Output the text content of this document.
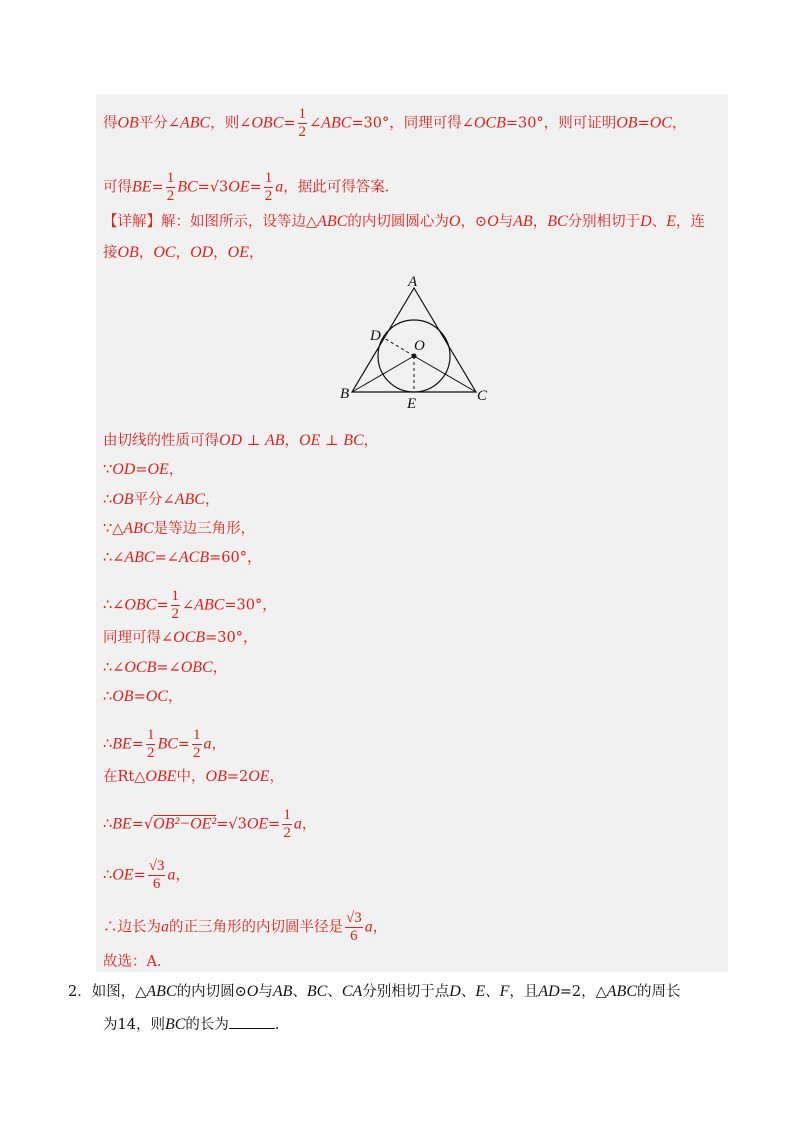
得OB平分∠ABC，则∠OBC= $\frac{1}{2}$ ∠ABC=30°，同理可得∠OCB=30°，则可证明OB=OC，
可得$BE= \frac{1}{2} BC=√3OE= \frac{1}{2}$ a，据此可得答案．
【详解】解：如图所示，设等边△ABC的内切圆圆心为O，⊙O与AB，BC分别相切于D、E，连
接OB，OC，OD，OE，
A
B	C
D
E
O
由切线的性质可得OD ⊥ AB，OE ⊥ BC，
∵OD=OE，
∴OB平分∠ABC，
∵△ABC是等边三角形，
∴∠ABC=∠ACB=60°，
∴∠OBC= $\frac{1}{2}$ ∠ABC=30°，
同理可得∠OCB=30°，
∴∠OCB=∠OBC，
∴OB=OC，
∴BE= $\frac{1}{2} BC= \frac{1}{2}$ a，
在Rt△OBE中，OB=2OE，
∴BE=√OB²−OE²=√3OE= $\frac{1}{2}$ a，
∴OE= $\frac{√3}{6}$ a，
∴边长为a的正三角形的内切圆半径是 $\frac{√3}{6}$ a，
故选：A．
2．如图，△ABC的内切圆⊙O与AB、BC、CA分别相切于点D、E、F，且AD=2，△ABC的周长
为14，则BC的长为	．
